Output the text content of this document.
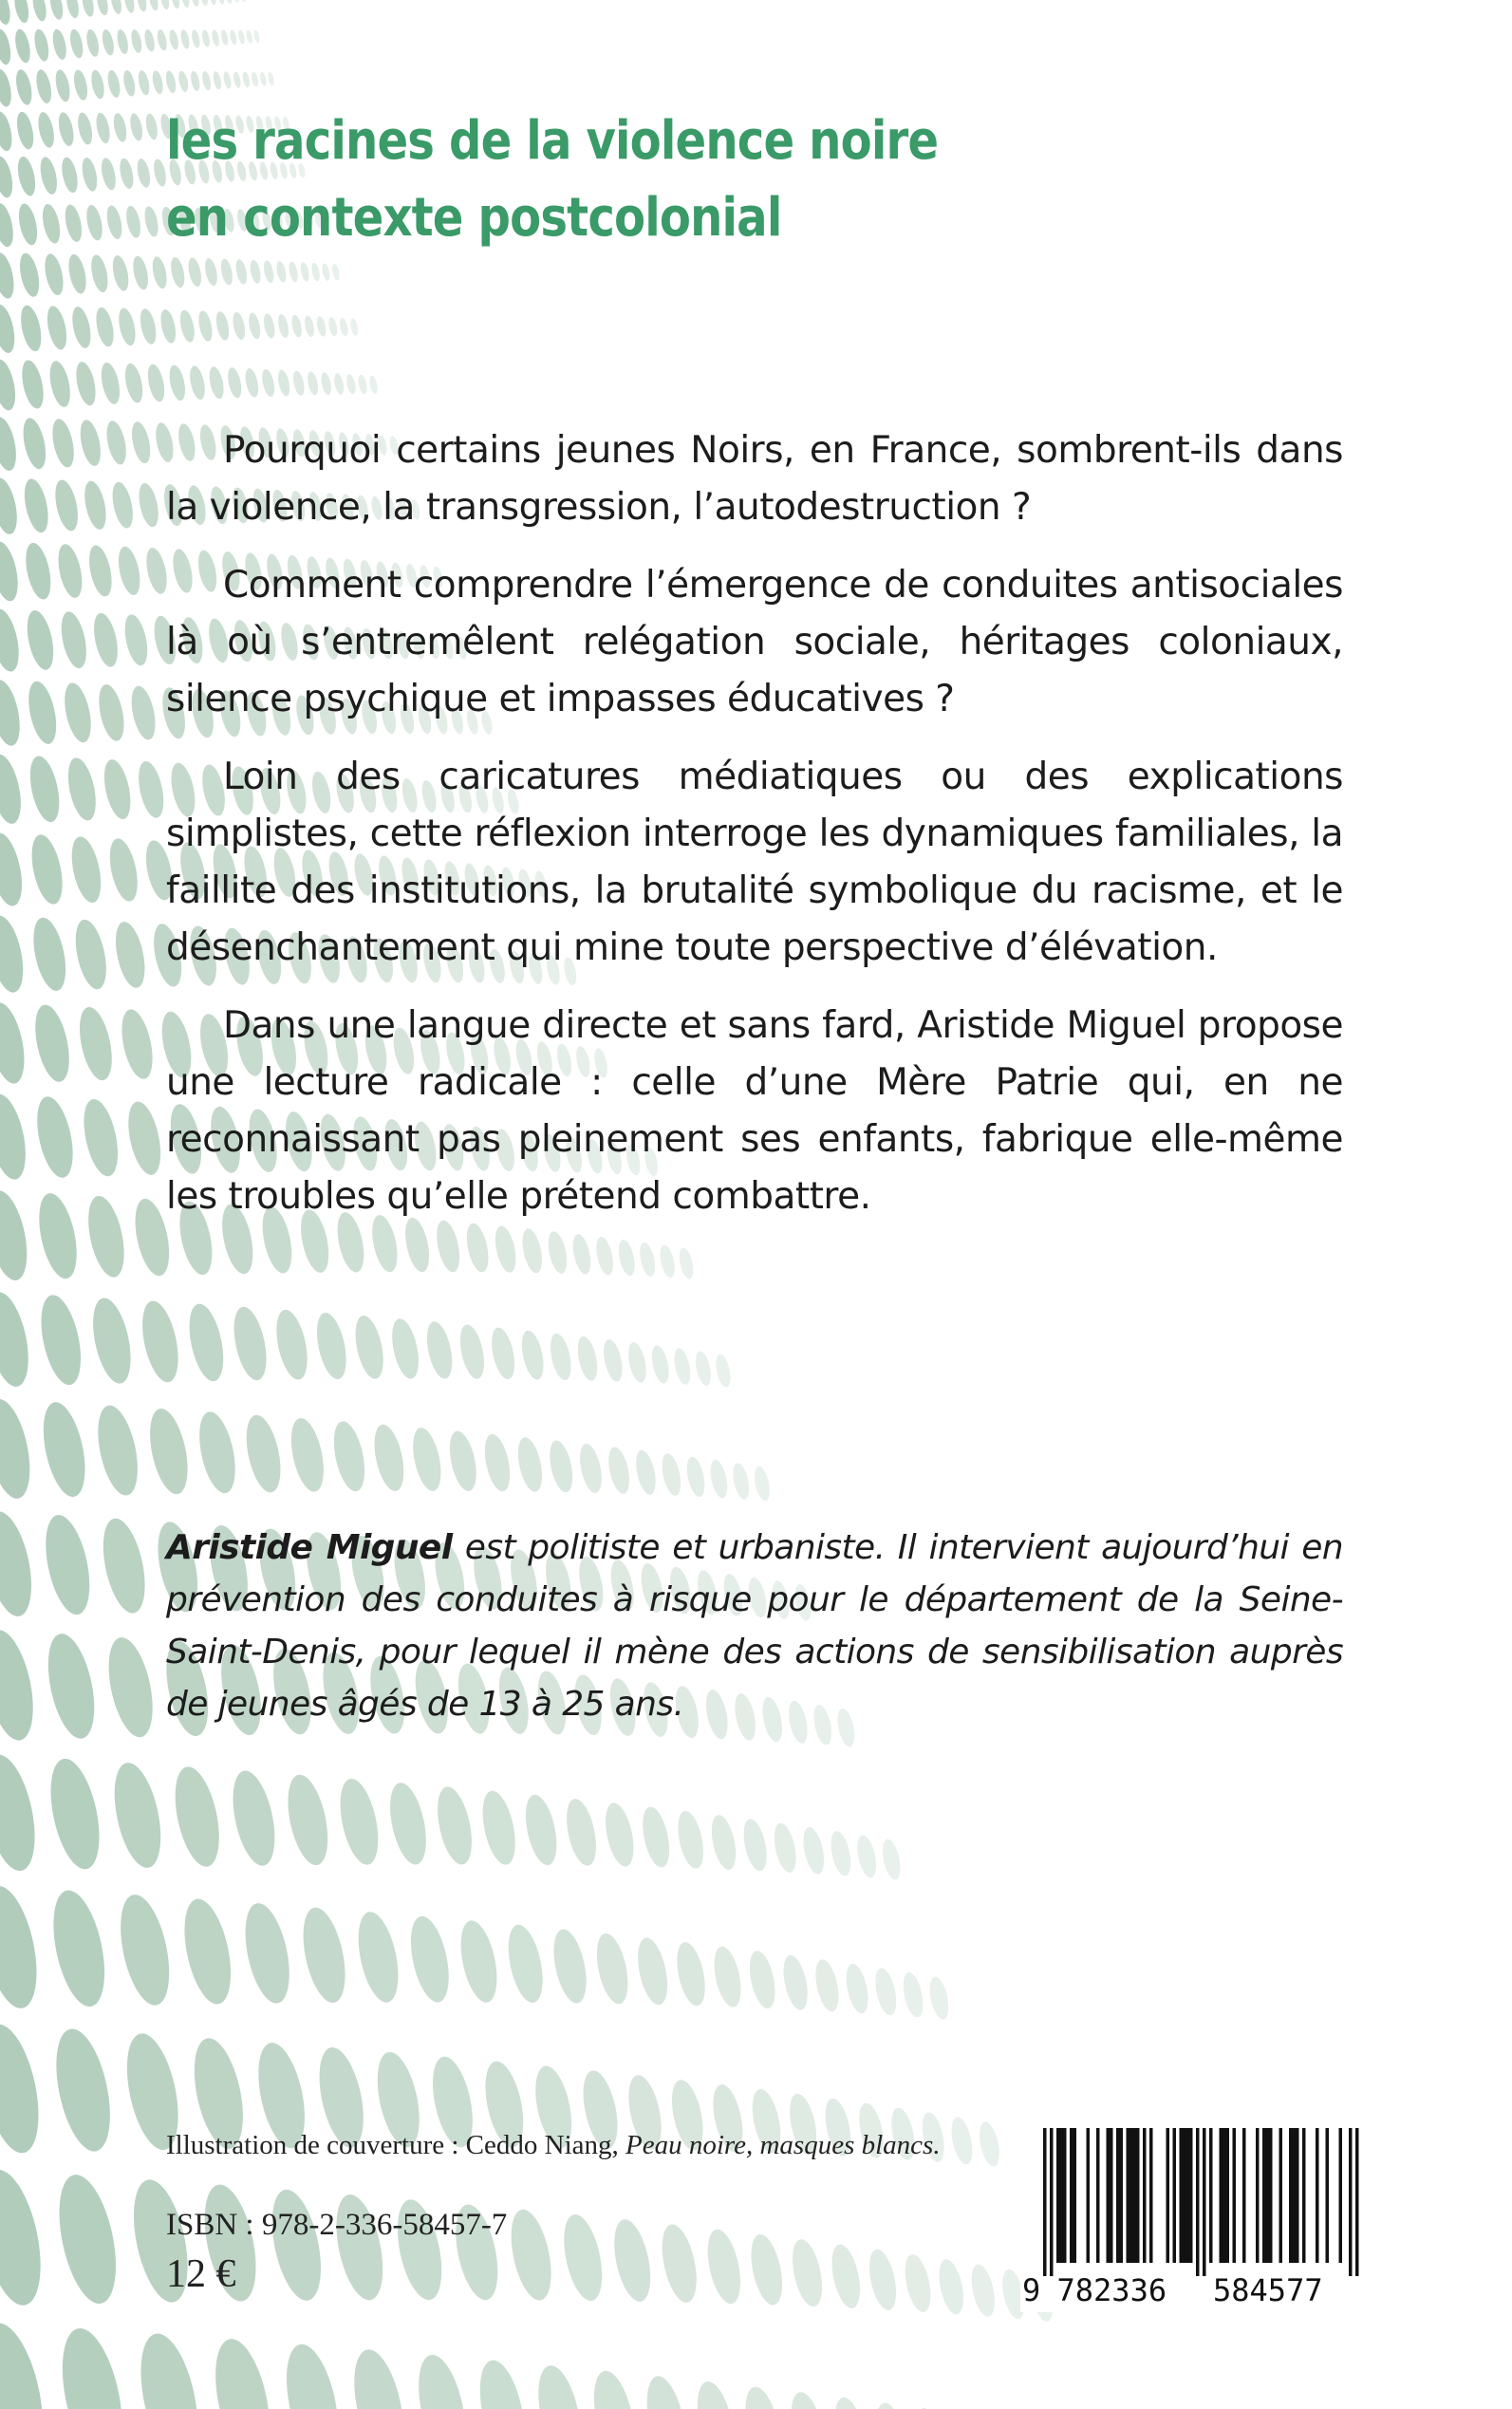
les racines de la violence noire
en contexte postcolonial

Pourquoi certains jeunes Noirs, en France, sombrent-ils dans la violence, la transgression, l’autodestruction ?

Comment comprendre l’émergence de conduites antisociales là où s’entremêlent relégation sociale, héritages coloniaux, silence psychique et impasses éducatives ?

Loin des caricatures médiatiques ou des explications simplistes, cette réflexion interroge les dynamiques familiales, la faillite des institutions, la brutalité symbolique du racisme, et le désenchantement qui mine toute perspective d’élévation.

Dans une langue directe et sans fard, Aristide Miguel propose une lecture radicale : celle d’une Mère Patrie qui, en ne reconnaissant pas pleinement ses enfants, fabrique elle-même les troubles qu’elle prétend combattre.

Aristide Miguel est politiste et urbaniste. Il intervient aujourd’hui en prévention des conduites à risque pour le département de la Seine-Saint-Denis, pour lequel il mène des actions de sensibilisation auprès de jeunes âgés de 13 à 25 ans.
Illustration de couverture : Ceddo Niang, Peau noire, masques blancs.
ISBN : 978-2-336-58457-7
12 €	9 782336 584577
